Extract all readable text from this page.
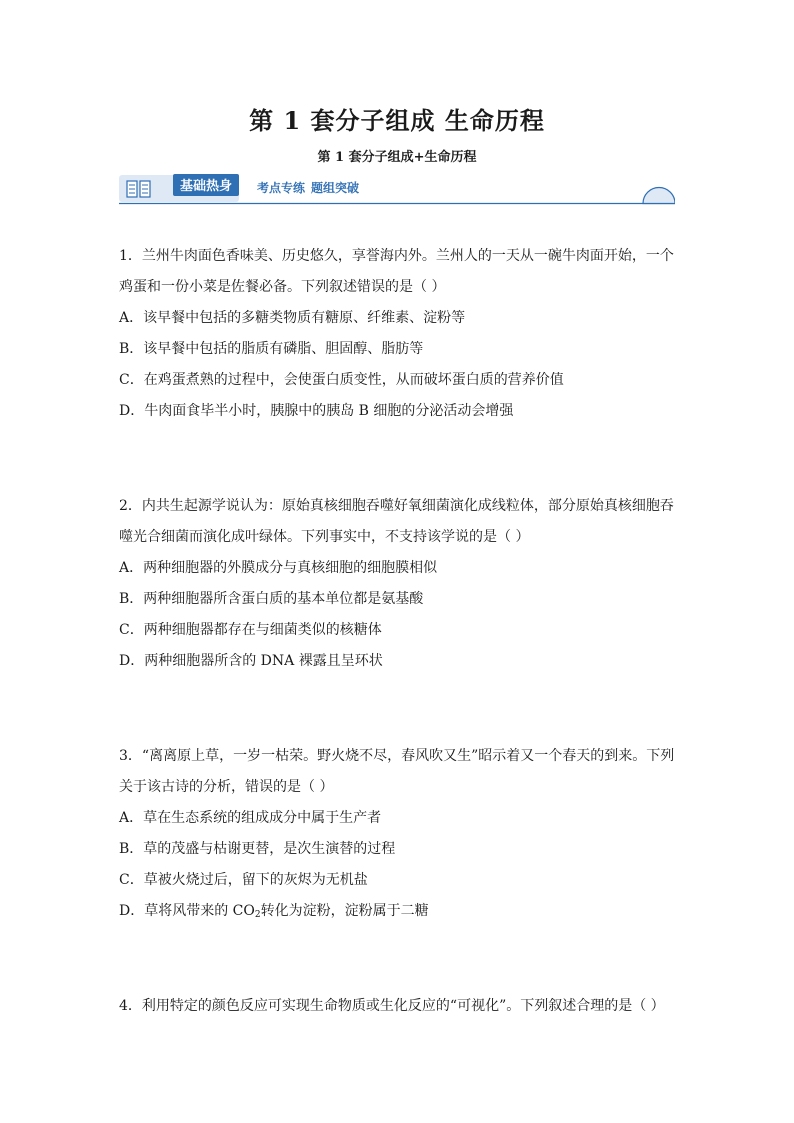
第 1 套分子组成 生命历程
第 1 套分子组成+生命历程
基础热身 考点专练 题组突破

1．兰州牛肉面色香味美、历史悠久，享誉海内外。兰州人的一天从一碗牛肉面开始，一个

鸡蛋和一份小菜是佐餐必备。下列叙述错误的是（ ）

A．该早餐中包括的多糖类物质有糖原、纤维素、淀粉等

B．该早餐中包括的脂质有磷脂、胆固醇、脂肪等

C．在鸡蛋煮熟的过程中，会使蛋白质变性，从而破坏蛋白质的营养价值

D．牛肉面食毕半小时，胰腺中的胰岛 B 细胞的分泌活动会增强

2．内共生起源学说认为：原始真核细胞吞噬好氧细菌演化成线粒体，部分原始真核细胞吞

噬光合细菌而演化成叶绿体。下列事实中，不支持该学说的是（ ）

A．两种细胞器的外膜成分与真核细胞的细胞膜相似

B．两种细胞器所含蛋白质的基本单位都是氨基酸

C．两种细胞器都存在与细菌类似的核糖体

D．两种细胞器所含的 DNA 裸露且呈环状

3．“离离原上草，一岁一枯荣。野火烧不尽，春风吹又生”昭示着又一个春天的到来。下列

关于该古诗的分析，错误的是（ ）

A．草在生态系统的组成成分中属于生产者

B．草的茂盛与枯谢更替，是次生演替的过程

C．草被火烧过后，留下的灰烬为无机盐

D．草将风带来的 $CO_2$转化为淀粉，淀粉属于二糖

4．利用特定的颜色反应可实现生命物质或生化反应的“可视化”。下列叙述合理的是（ ）
